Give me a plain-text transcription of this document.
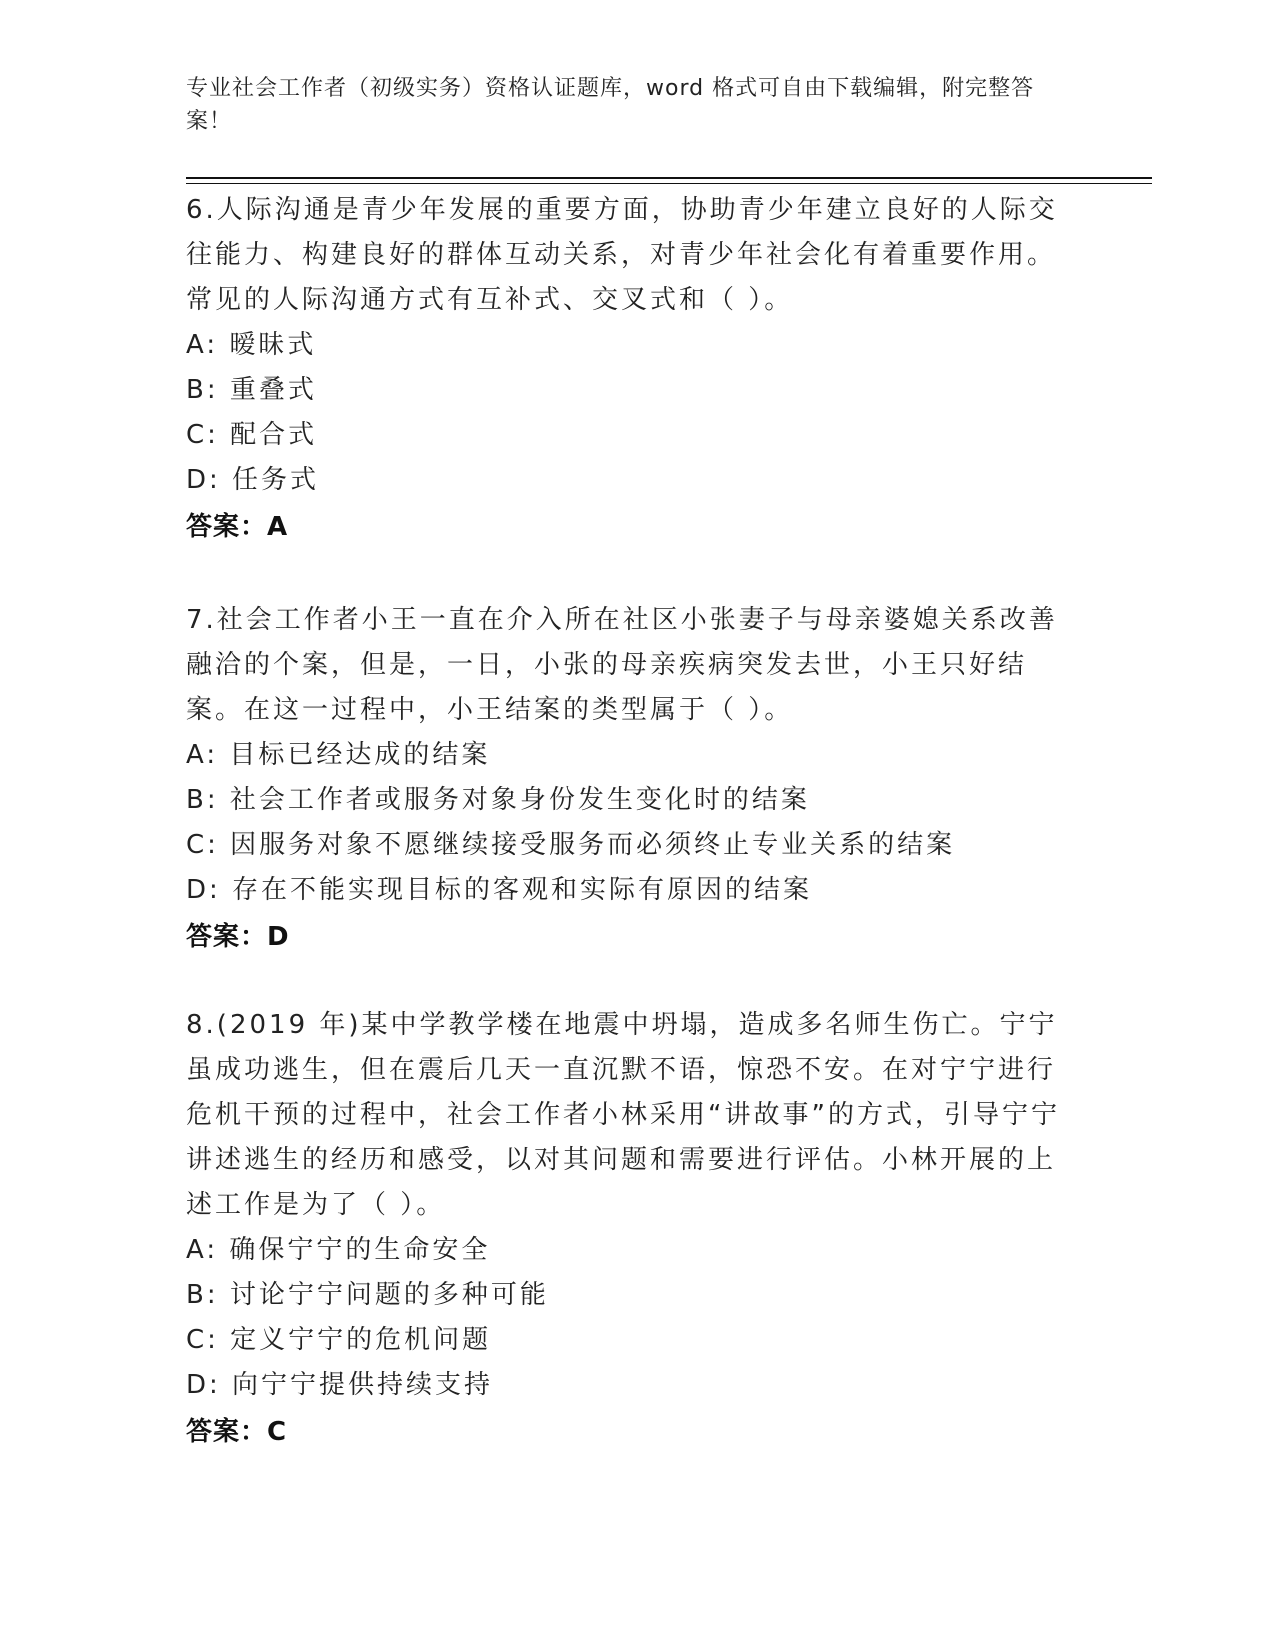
专业社会工作者（初级实务）资格认证题库，word 格式可自由下载编辑，附完整答案！

6.人际沟通是青少年发展的重要方面，协助青少年建立良好的人际交往能力、构建良好的群体互动关系，对青少年社会化有着重要作用。常见的人际沟通方式有互补式、交叉式和（ ）。

A: 暧昧式

B: 重叠式

C: 配合式

D: 任务式

答案：A

7.社会工作者小王一直在介入所在社区小张妻子与母亲婆媳关系改善融洽的个案，但是，一日，小张的母亲疾病突发去世，小王只好结案。在这一过程中，小王结案的类型属于（ ）。

A: 目标已经达成的结案

B: 社会工作者或服务对象身份发生变化时的结案

C: 因服务对象不愿继续接受服务而必须终止专业关系的结案

D: 存在不能实现目标的客观和实际有原因的结案

答案：D

8.(2019 年)某中学教学楼在地震中坍塌，造成多名师生伤亡。宁宁虽成功逃生，但在震后几天一直沉默不语，惊恐不安。在对宁宁进行危机干预的过程中，社会工作者小林采用“讲故事”的方式，引导宁宁讲述逃生的经历和感受，以对其问题和需要进行评估。小林开展的上述工作是为了（ ）。

A: 确保宁宁的生命安全

B: 讨论宁宁问题的多种可能

C: 定义宁宁的危机问题

D: 向宁宁提供持续支持

答案：C
